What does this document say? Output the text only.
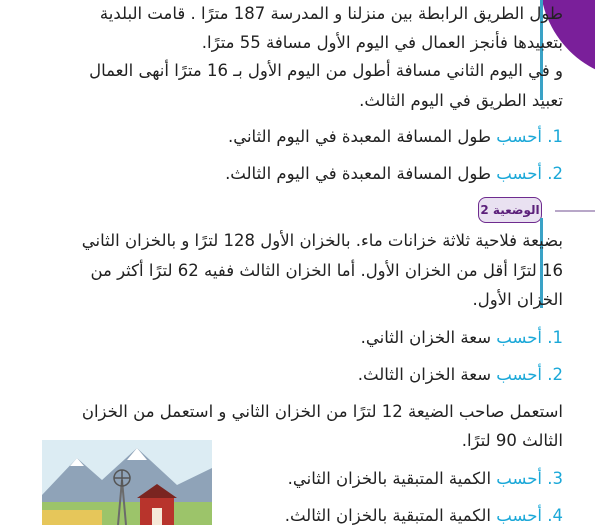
طول الطريق الرابطة بين منزلنا و المدرسة 187 مترًا . قامت البلدية
بتعبيدها فأنجز العمال في اليوم الأول مسافة 55 مترًا.
و في اليوم الثاني مسافة أطول من اليوم الأول بـ 16 مترًا أنهى العمال
تعبيد الطريق في اليوم الثالث.
1. أحسب طول المسافة المعبدة في اليوم الثاني.
2. أحسب طول المسافة المعبدة في اليوم الثالث.
الوضعية 2
بضيعة فلاحية ثلاثة خزانات ماء. بالخزان الأول 128 لترًا و بالخزان الثاني
16 لترًا أقل من الخزان الأول. أما الخزان الثالث ففيه 62 لترًا أكثر من
الخزان الأول.
1. أحسب سعة الخزان الثاني.
2. أحسب سعة الخزان الثالث.
استعمل صاحب الضيعة 12 لترًا من الخزان الثاني و استعمل من الخزان
الثالث 90 لترًا.
3. أحسب الكمية المتبقية بالخزان الثاني.
4. أحسب الكمية المتبقية بالخزان الثالث.
